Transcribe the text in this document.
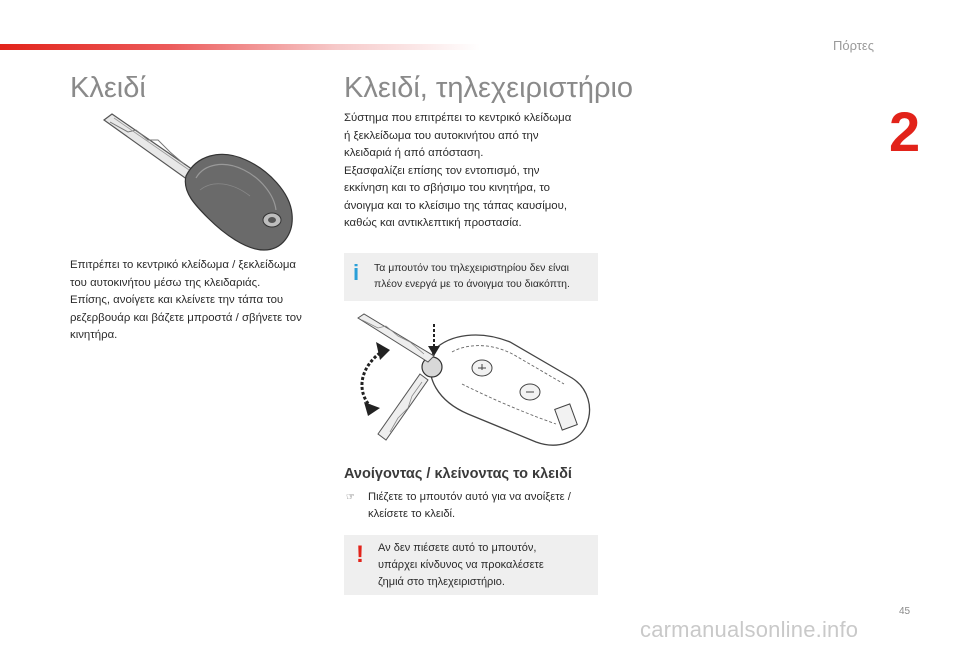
Πόρτες
2
Κλειδί

Επιτρέπει το κεντρικό κλείδωμα / ξεκλείδωμα

του αυτοκινήτου μέσω της κλειδαριάς.

Επίσης, ανοίγετε και κλείνετε την τάπα του

ρεζερβουάρ και βάζετε μπροστά / σβήνετε τον

κινητήρα.

Κλειδί, τηλεχειριστήριο

Σύστημα που επιτρέπει το κεντρικό κλείδωμα

ή ξεκλείδωμα του αυτοκινήτου από την

κλειδαριά ή από απόσταση.

Εξασφαλίζει επίσης τον εντοπισμό, την

εκκίνηση και το σβήσιμο του κινητήρα, το

άνοιγμα και το κλείσιμο της τάπας καυσίμου,

καθώς και αντικλεπτική προστασία.

i Τα μπουτόν του τηλεχειριστηρίου δεν είναι
πλέον ενεργά με το άνοιγμα του διακόπτη.
Ανοίγοντας / κλείνοντας το κλειδί
☞ Πιέζετε το μπουτόν αυτό για να ανοίξετε /
κλείσετε το κλειδί.
! Αν δεν πιέσετε αυτό το μπουτόν,
υπάρχει κίνδυνος να προκαλέσετε
ζημιά στο τηλεχειριστήριο.
45
carmanualsonline.info
